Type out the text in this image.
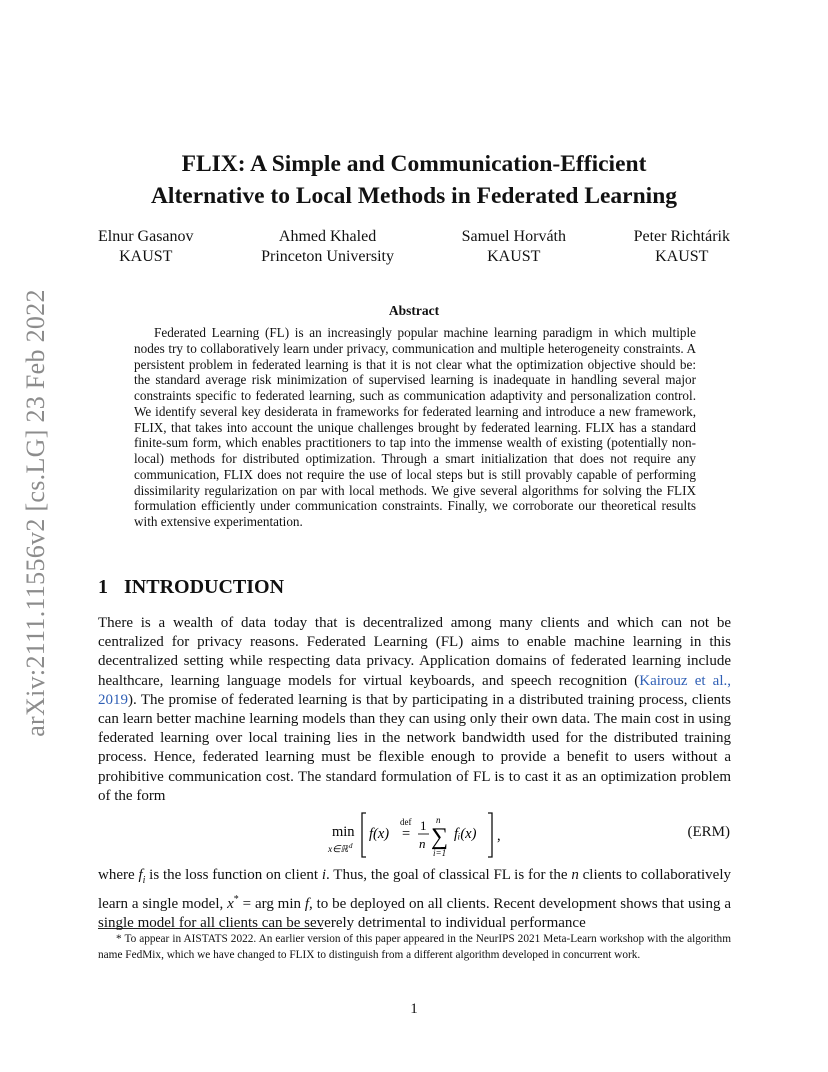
arXiv:2111.11556v2 [cs.LG] 23 Feb 2022
FLIX: A Simple and Communication-Efficient
Alternative to Local Methods in Federated Learning
Elnur Gasanov
KAUST
Ahmed Khaled
Princeton University
Samuel Horváth
KAUST
Peter Richtárik
KAUST
Abstract

Federated Learning (FL) is an increasingly popular machine learning paradigm in which multiple nodes try to collaboratively learn under privacy, communication and multiple heterogeneity constraints. A persistent problem in federated learning is that it is not clear what the optimization objective should be: the standard average risk minimization of supervised learning is inadequate in handling several major constraints specific to federated learning, such as communication adaptivity and personalization control. We identify several key desiderata in frameworks for federated learning and introduce a new framework, FLIX, that takes into account the unique challenges brought by federated learning. FLIX has a standard finite-sum form, which enables practitioners to tap into the immense wealth of existing (potentially non-local) methods for distributed optimization. Through a smart initialization that does not require any communication, FLIX does not require the use of local steps but is still provably capable of performing dissimilarity regularization on par with local methods. We give several algorithms for solving the FLIX formulation efficiently under communication constraints. Finally, we corroborate our theoretical results with extensive experimentation.

1 INTRODUCTION

There is a wealth of data today that is decentralized among many clients and which can not be centralized for privacy reasons. Federated Learning (FL) aims to enable machine learning in this decentralized setting while respecting data privacy. Application domains of federated learning include healthcare, learning language models for virtual keyboards, and speech recognition (Kairouz et al., 2019). The promise of federated learning is that by participating in a distributed training process, clients can learn better machine learning models than they can using only their own data. The main cost in using federated learning over local training lies in the network bandwidth used for the distributed training process. Hence, federated learning must be flexible enough to provide a benefit to users without a prohibitive communication cost. The standard formulation of FL is to cast it as an optimization problem of the form

min
x∈ℝ d
f(x)
def
=
1
n
n
∑
i=1
fᵢ(x) ,	(ERM)

where $f_i$ is the loss function on client i. Thus, the goal of classical FL is for the n clients to collaboratively learn a single model, x* = arg min f, to be deployed on all clients. Recent development shows that using a single model for all clients can be severely detrimental to individual performance

* To appear in AISTATS 2022. An earlier version of this paper appeared in the NeurIPS 2021 Meta-Learn workshop with the algorithm name FedMix, which we have changed to FLIX to distinguish from a different algorithm developed in concurrent work.

1
